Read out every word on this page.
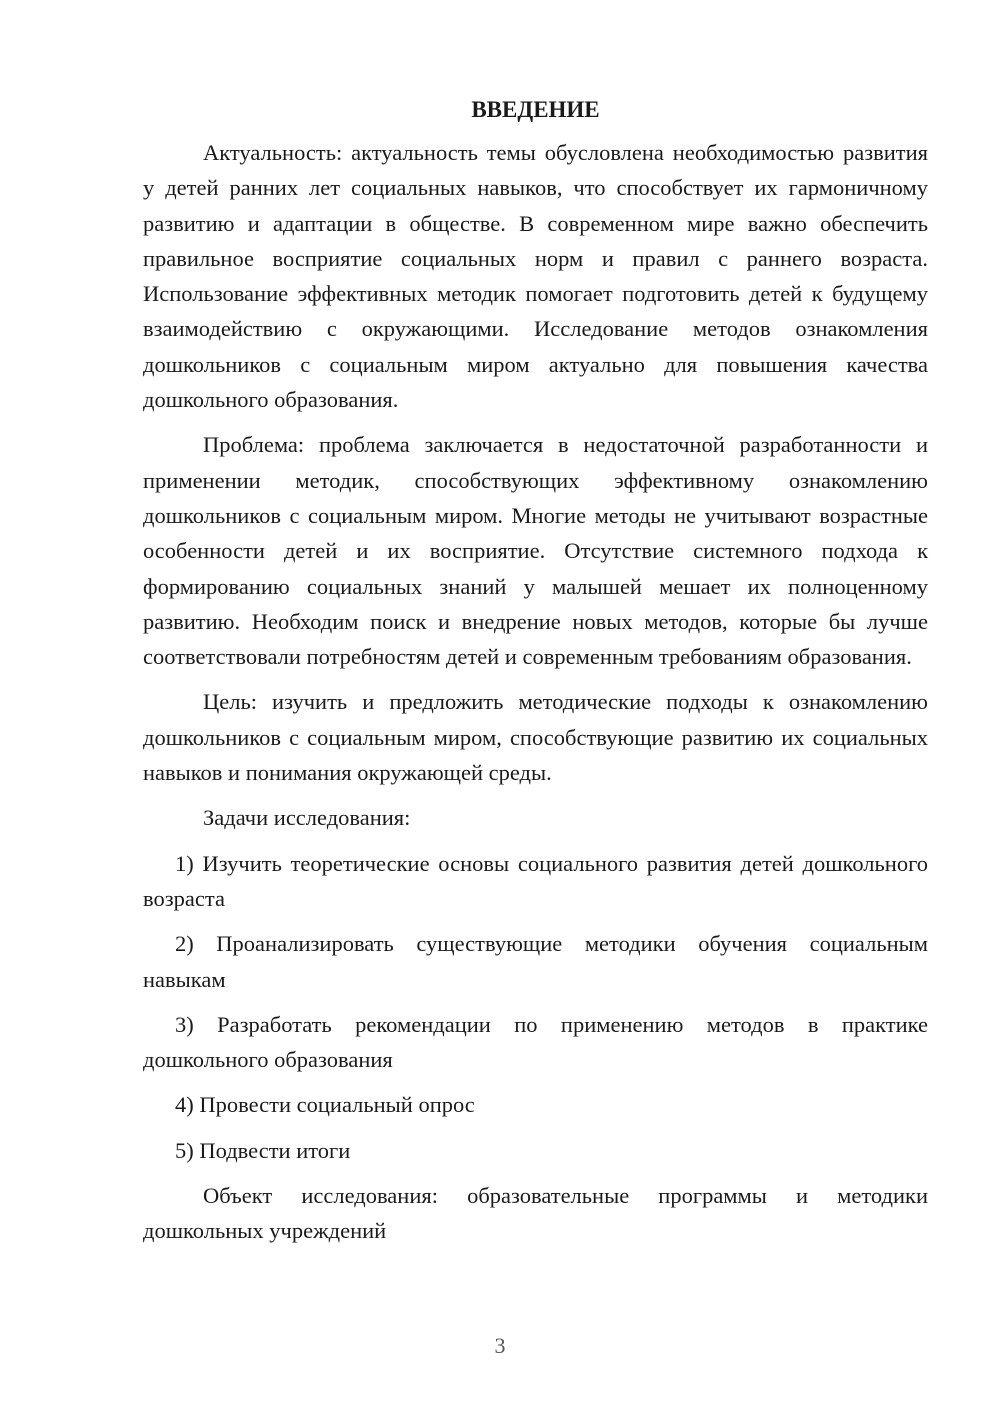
ВВЕДЕНИЕ

Актуальность: актуальность темы обусловлена необходимостью развития у детей ранних лет социальных навыков, что способствует их гармоничному развитию и адаптации в обществе. В современном мире важно обеспечить правильное восприятие социальных норм и правил с раннего возраста. Использование эффективных методик помогает подготовить детей к будущему взаимодействию с окружающими. Исследование методов ознакомления дошкольников с социальным миром актуально для повышения качества дошкольного образования.

Проблема: проблема заключается в недостаточной разработанности и применении методик, способствующих эффективному ознакомлению дошкольников с социальным миром. Многие методы не учитывают возрастные особенности детей и их восприятие. Отсутствие системного подхода к формированию социальных знаний у малышей мешает их полноценному развитию. Необходим поиск и внедрение новых методов, которые бы лучше соответствовали потребностям детей и современным требованиям образования.

Цель: изучить и предложить методические подходы к ознакомлению дошкольников с социальным миром, способствующие развитию их социальных навыков и понимания окружающей среды.

Задачи исследования:

1) Изучить теоретические основы социального развития детей дошкольного возраста

2) Проанализировать существующие методики обучения социальным навыкам

3) Разработать рекомендации по применению методов в практике дошкольного образования

4) Провести социальный опрос

5) Подвести итоги

Объект исследования: образовательные программы и методики дошкольных учреждений

3
